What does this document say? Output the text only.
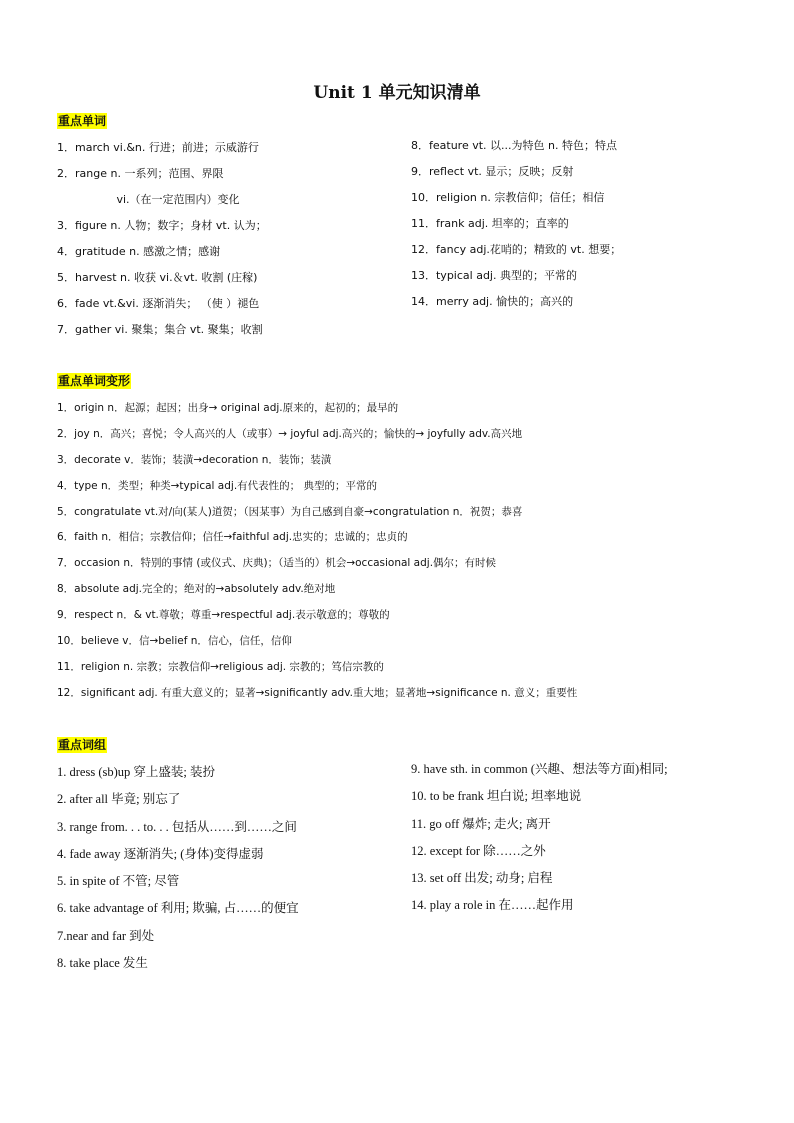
Unit 1 单元知识清单
重点单词
1．march vi.&n. 行进；前进；示威游行
2．range n. 一系列；范围、界限
vi.（在一定范围内）变化
3．figure n. 人物；数字；身材 vt. 认为；
4．gratitude n. 感激之情；感谢
5．harvest n. 收获 vi.＆vt. 收割 (庄稼)
6．fade vt.&vi. 逐渐消失； （使 ）褪色
7．gather vi. 聚集；集合 vt. 聚集；收割
8．feature vt. 以...为特色 n. 特色；特点
9．reflect vt. 显示；反映；反射
10．religion n. 宗教信仰；信任；相信
11．frank adj. 坦率的；直率的
12．fancy adj.花哨的；精致的 vt. 想要；
13．typical adj. 典型的；平常的
14．merry adj. 愉快的；高兴的
重点单词变形
1．origin n．起源；起因；出身→ original adj.原来的，起初的；最早的
2．joy n．高兴；喜悦；令人高兴的人（或事）→ joyful adj.高兴的；愉快的→ joyfully adv.高兴地
3．decorate v．装饰；装潢→decoration n．装饰；装潢
4．type n．类型；种类→typical adj.有代表性的； 典型的；平常的
5．congratulate vt.对/向(某人)道贺；（因某事）为自己感到自豪→congratulation n．祝贺；恭喜
6．faith n．相信；宗教信仰；信任→faithful adj.忠实的；忠诚的；忠贞的
7．occasion n．特别的事情 (或仪式、庆典)；（适当的）机会→occasional adj.偶尔；有时候
8．absolute adj.完全的；绝对的→absolutely adv.绝对地
9．respect n．& vt.尊敬；尊重→respectful adj.表示敬意的；尊敬的
10．believe v．信→belief n．信心，信任，信仰
11．religion n. 宗教；宗教信仰→religious adj. 宗教的；笃信宗教的
12．significant adj. 有重大意义的；显著→significantly adv.重大地；显著地→significance n. 意义；重要性
重点词组
1. dress (sb)up 穿上盛装; 装扮
2. after all 毕竟; 别忘了
3. range from. . . to. . . 包括从……到……之间
4. fade away 逐渐消失; (身体)变得虚弱
5. in spite of 不管; 尽管
6. take advantage of 利用; 欺骗, 占……的便宜
7.near and far 到处
8. take place 发生
9. have sth. in common (兴趣、想法等方面)相同;
10. to be frank 坦白说; 坦率地说
11. go off 爆炸; 走火; 离开
12. except for 除……之外
13. set off 出发; 动身; 启程
14. play a role in 在……起作用
